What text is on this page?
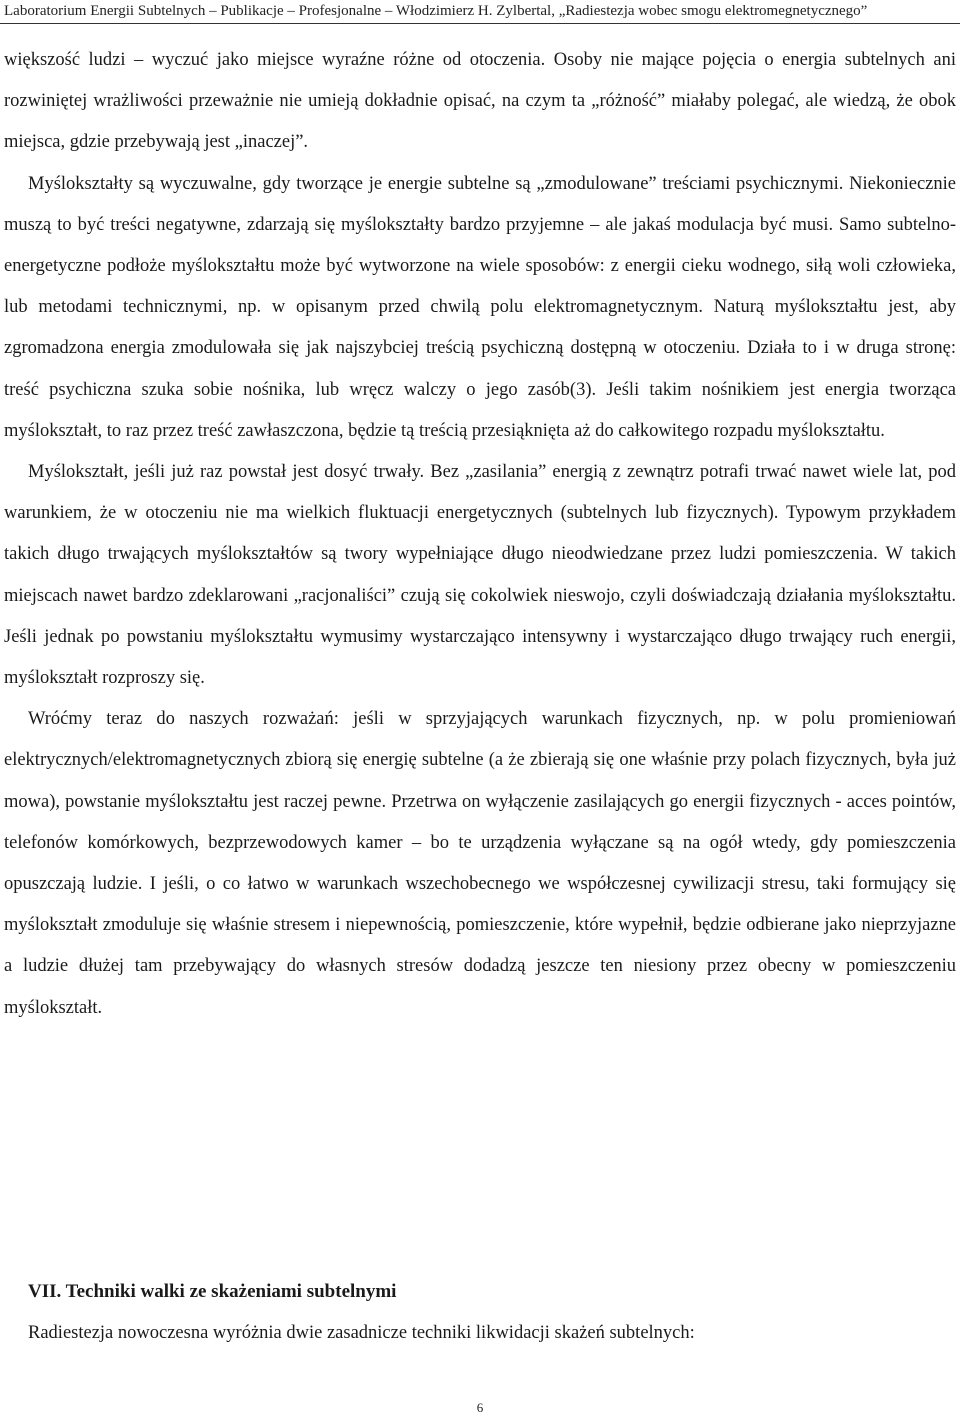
Laboratorium Energii Subtelnych – Publikacje – Profesjonalne – Włodzimierz H. Zylbertal, „Radiestezja wobec smogu elektromegnetycznego”

większość ludzi – wyczuć jako miejsce wyraźne różne od otoczenia. Osoby nie mające pojęcia o energia subtelnych ani rozwiniętej wrażliwości przeważnie nie umieją dokładnie opisać, na czym ta „różność” miałaby polegać, ale wiedzą, że obok miejsca, gdzie przebywają jest „inaczej”.

Myślokształty są wyczuwalne, gdy tworzące je energie subtelne są „zmodulowane” treściami psychicznymi. Niekoniecznie muszą to być treści negatywne, zdarzają się myślokształty bardzo przyjemne – ale jakaś modulacja być musi. Samo subtelno-energetyczne podłoże myślokształtu może być wytworzone na wiele sposobów: z energii cieku wodnego, siłą woli człowieka, lub metodami technicznymi, np. w opisanym przed chwilą polu elektromagnetycznym. Naturą myślokształtu jest, aby zgromadzona energia zmodulowała się jak najszybciej treścią psychiczną dostępną w otoczeniu. Działa to i w druga stronę: treść psychiczna szuka sobie nośnika, lub wręcz walczy o jego zasób(3). Jeśli takim nośnikiem jest energia tworząca myślokształt, to raz przez treść zawłaszczona, będzie tą treścią przesiąknięta aż do całkowitego rozpadu myślokształtu.

Myślokształt, jeśli już raz powstał jest dosyć trwały. Bez „zasilania” energią z zewnątrz potrafi trwać nawet wiele lat, pod warunkiem, że w otoczeniu nie ma wielkich fluktuacji energetycznych (subtelnych lub fizycznych). Typowym przykładem takich długo trwających myślokształtów są twory wypełniające długo nieodwiedzane przez ludzi pomieszczenia. W takich miejscach nawet bardzo zdeklarowani „racjonaliści” czują się cokolwiek nieswojo, czyli doświadczają działania myślokształtu. Jeśli jednak po powstaniu myślokształtu wymusimy wystarczająco intensywny i wystarczająco długo trwający ruch energii, myślokształt rozproszy się.

Wróćmy teraz do naszych rozważań: jeśli w sprzyjających warunkach fizycznych, np. w polu promieniowań elektrycznych/elektromagnetycznych zbiorą się energię subtelne (a że zbierają się one właśnie przy polach fizycznych, była już mowa), powstanie myślokształtu jest raczej pewne. Przetrwa on wyłączenie zasilających go energii fizycznych - acces pointów, telefonów komórkowych, bezprzewodowych kamer – bo te urządzenia wyłączane są na ogół wtedy, gdy pomieszczenia opuszczają ludzie. I jeśli, o co łatwo w warunkach wszechobecnego we współczesnej cywilizacji stresu, taki formujący się myślokształt zmoduluje się właśnie stresem i niepewnością, pomieszczenie, które wypełnił, będzie odbierane jako nieprzyjazne a ludzie dłużej tam przebywający do własnych stresów dodadzą jeszcze ten niesiony przez obecny w pomieszczeniu myślokształt.

VII. Techniki walki ze skażeniami subtelnymi

Radiestezja nowoczesna wyróżnia dwie zasadnicze techniki likwidacji skażeń subtelnych:

6
